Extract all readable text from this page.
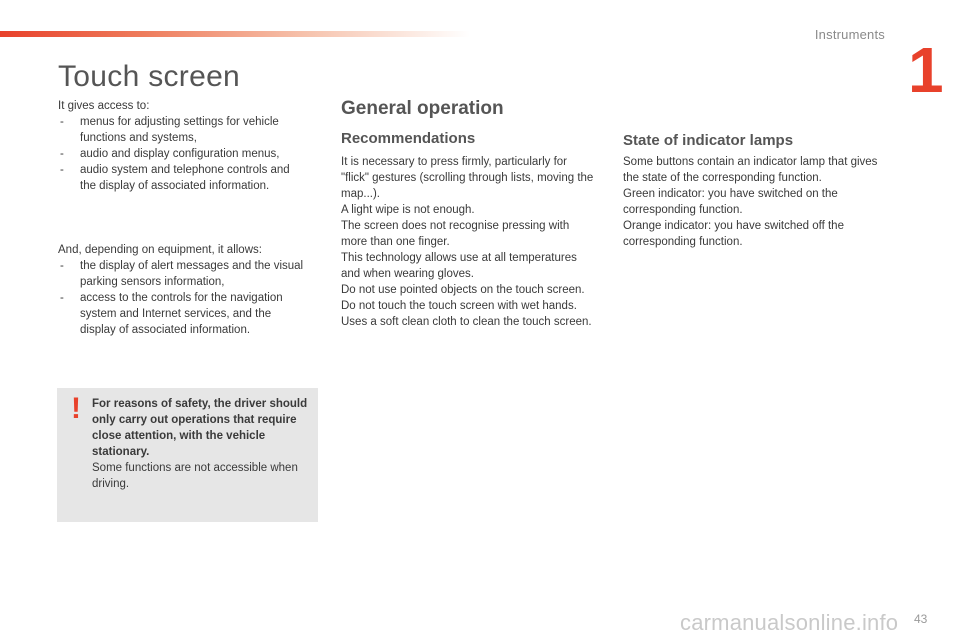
Instruments 1
Touch screen

It gives access to:

- menus for adjusting settings for vehicle functions and systems,
- audio and display configuration menus,
- audio system and telephone controls and the display of associated information.

And, depending on equipment, it allows:

- the display of alert messages and the visual parking sensors information,
- access to the controls for the navigation system and Internet services, and the display of associated information.
! For reasons of safety, the driver should only carry out operations that require close attention, with the vehicle stationary.
Some functions are not accessible when driving.
General operation
Recommendations

It is necessary to press firmly, particularly for "flick" gestures (scrolling through lists, moving the map...).

A light wipe is not enough.

The screen does not recognise pressing with more than one finger.

This technology allows use at all temperatures and when wearing gloves.

Do not use pointed objects on the touch screen.

Do not touch the touch screen with wet hands.

Uses a soft clean cloth to clean the touch screen.

State of indicator lamps

Some buttons contain an indicator lamp that gives the state of the corresponding function.

Green indicator: you have switched on the corresponding function.

Orange indicator: you have switched off the corresponding function.

carmanualsonline.info 43
